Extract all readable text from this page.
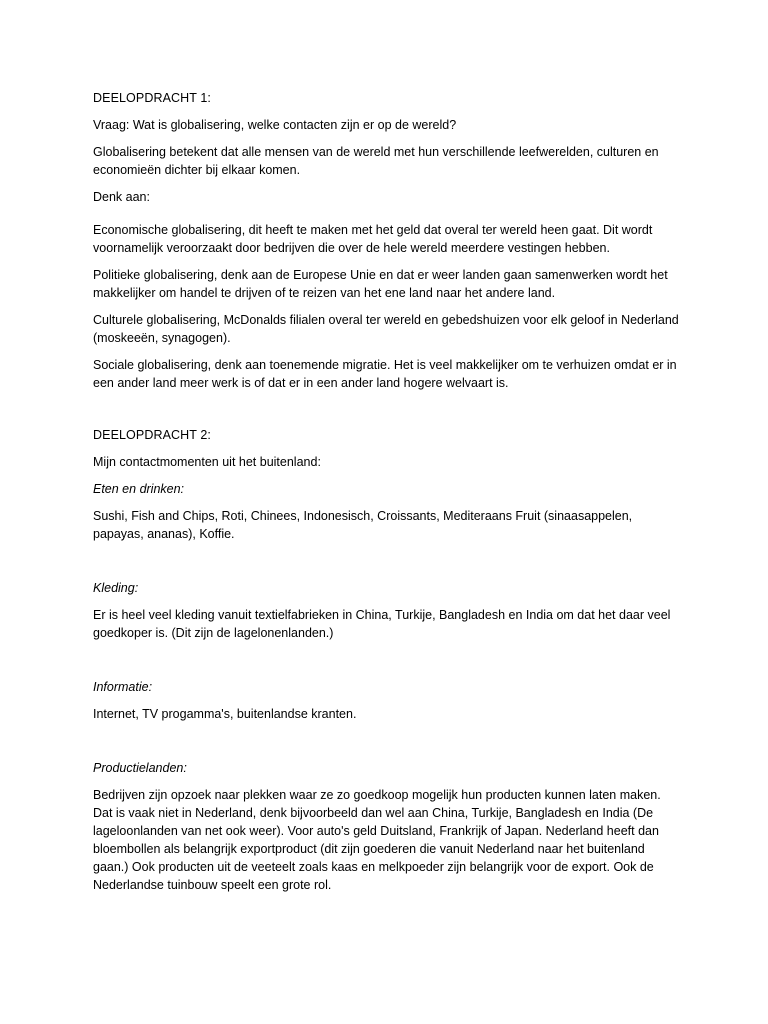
DEELOPDRACHT 1:

Vraag: Wat is globalisering, welke contacten zijn er op de wereld?

Globalisering betekent dat alle mensen van de wereld met hun verschillende leefwerelden, culturen en economieën dichter bij elkaar komen.

Denk aan:

Economische globalisering, dit heeft te maken met het geld dat overal ter wereld heen gaat. Dit wordt voornamelijk veroorzaakt door bedrijven die over de hele wereld meerdere vestingen hebben.

Politieke globalisering, denk aan de Europese Unie en dat er weer landen gaan samenwerken wordt het makkelijker om handel te drijven of te reizen van het ene land naar het andere land.

Culturele globalisering, McDonalds filialen overal ter wereld en gebedshuizen voor elk geloof in Nederland (moskeeën, synagogen).

Sociale globalisering, denk aan toenemende migratie. Het is veel makkelijker om te verhuizen omdat er in een ander land meer werk is of dat er in een ander land hogere welvaart is.

DEELOPDRACHT 2:

Mijn contactmomenten uit het buitenland:

Eten en drinken:

Sushi, Fish and Chips, Roti, Chinees, Indonesisch, Croissants, Mediteraans Fruit (sinaasappelen, papayas, ananas), Koffie.

Kleding:

Er is heel veel kleding vanuit textielfabrieken in China, Turkije, Bangladesh en India om dat het daar veel goedkoper is. (Dit zijn de lagelonenlanden.)

Informatie:

Internet, TV progamma's, buitenlandse kranten.

Productielanden:

Bedrijven zijn opzoek naar plekken waar ze zo goedkoop mogelijk hun producten kunnen laten maken. Dat is vaak niet in Nederland, denk bijvoorbeeld dan wel aan China, Turkije, Bangladesh en India (De lageloonlanden van net ook weer). Voor auto's geld Duitsland, Frankrijk of Japan. Nederland heeft dan bloembollen als belangrijk exportproduct (dit zijn goederen die vanuit Nederland naar het buitenland gaan.) Ook producten uit de veeteelt zoals kaas en melkpoeder zijn belangrijk voor de export. Ook de Nederlandse tuinbouw speelt een grote rol.
